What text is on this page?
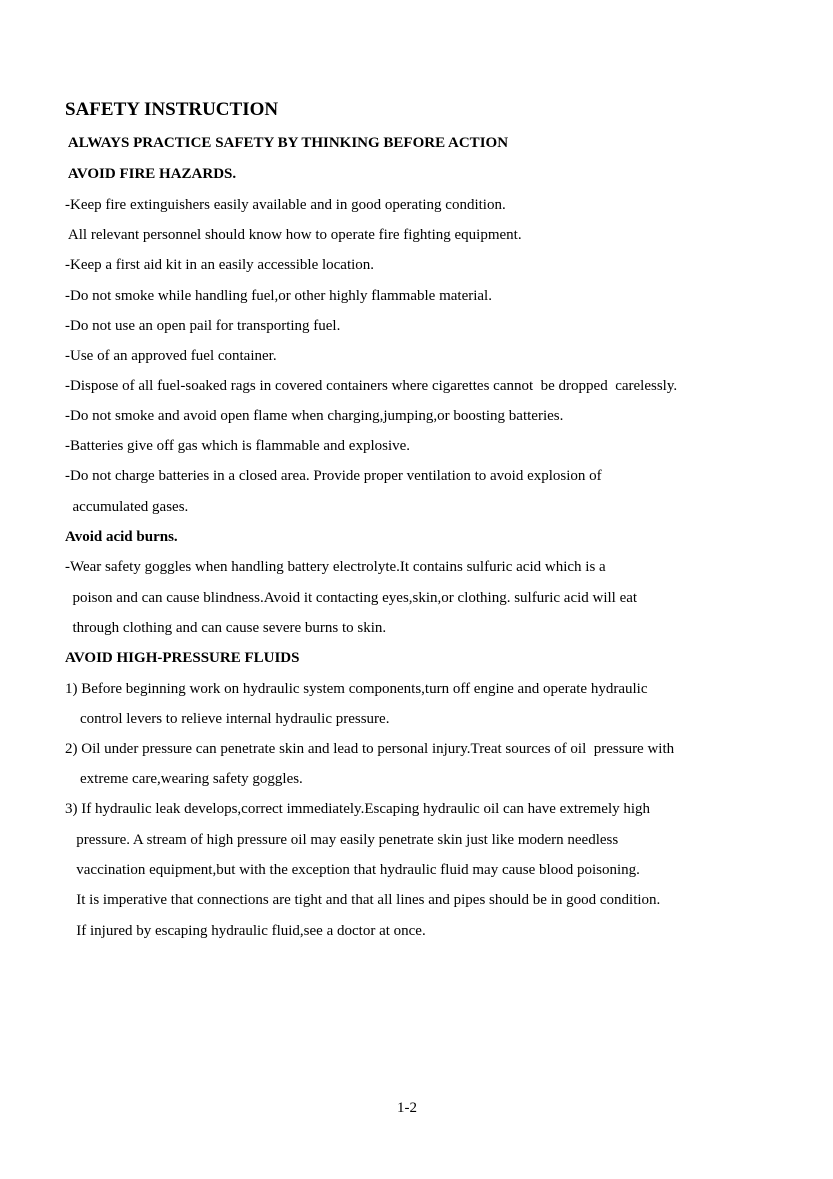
SAFETY INSTRUCTION
ALWAYS PRACTICE SAFETY BY THINKING BEFORE ACTION
AVOID FIRE HAZARDS.
-Keep fire extinguishers easily available and in good operating condition.
All relevant personnel should know how to operate fire fighting equipment.
-Keep a first aid kit in an easily accessible location.
-Do not smoke while handling fuel,or other highly flammable material.
-Do not use an open pail for transporting fuel.
-Use of an approved fuel container.
-Dispose of all fuel-soaked rags in covered containers where cigarettes cannot  be dropped  carelessly.
-Do not smoke and avoid open flame when charging,jumping,or boosting batteries.
-Batteries give off gas which is flammable and explosive.
-Do not charge batteries in a closed area. Provide proper ventilation to avoid explosion of
accumulated gases.
Avoid acid burns.
-Wear safety goggles when handling battery electrolyte.It contains sulfuric acid which is a
poison and can cause blindness.Avoid it contacting eyes,skin,or clothing. sulfuric acid will eat
through clothing and can cause severe burns to skin.
AVOID HIGH-PRESSURE FLUIDS
1) Before beginning work on hydraulic system components,turn off engine and operate hydraulic
control levers to relieve internal hydraulic pressure.
2) Oil under pressure can penetrate skin and lead to personal injury.Treat sources of oil  pressure with
extreme care,wearing safety goggles.
3) If hydraulic leak develops,correct immediately.Escaping hydraulic oil can have extremely high
pressure. A stream of high pressure oil may easily penetrate skin just like modern needless
vaccination equipment,but with the exception that hydraulic fluid may cause blood poisoning.
It is imperative that connections are tight and that all lines and pipes should be in good condition.
If injured by escaping hydraulic fluid,see a doctor at once.
1-2
